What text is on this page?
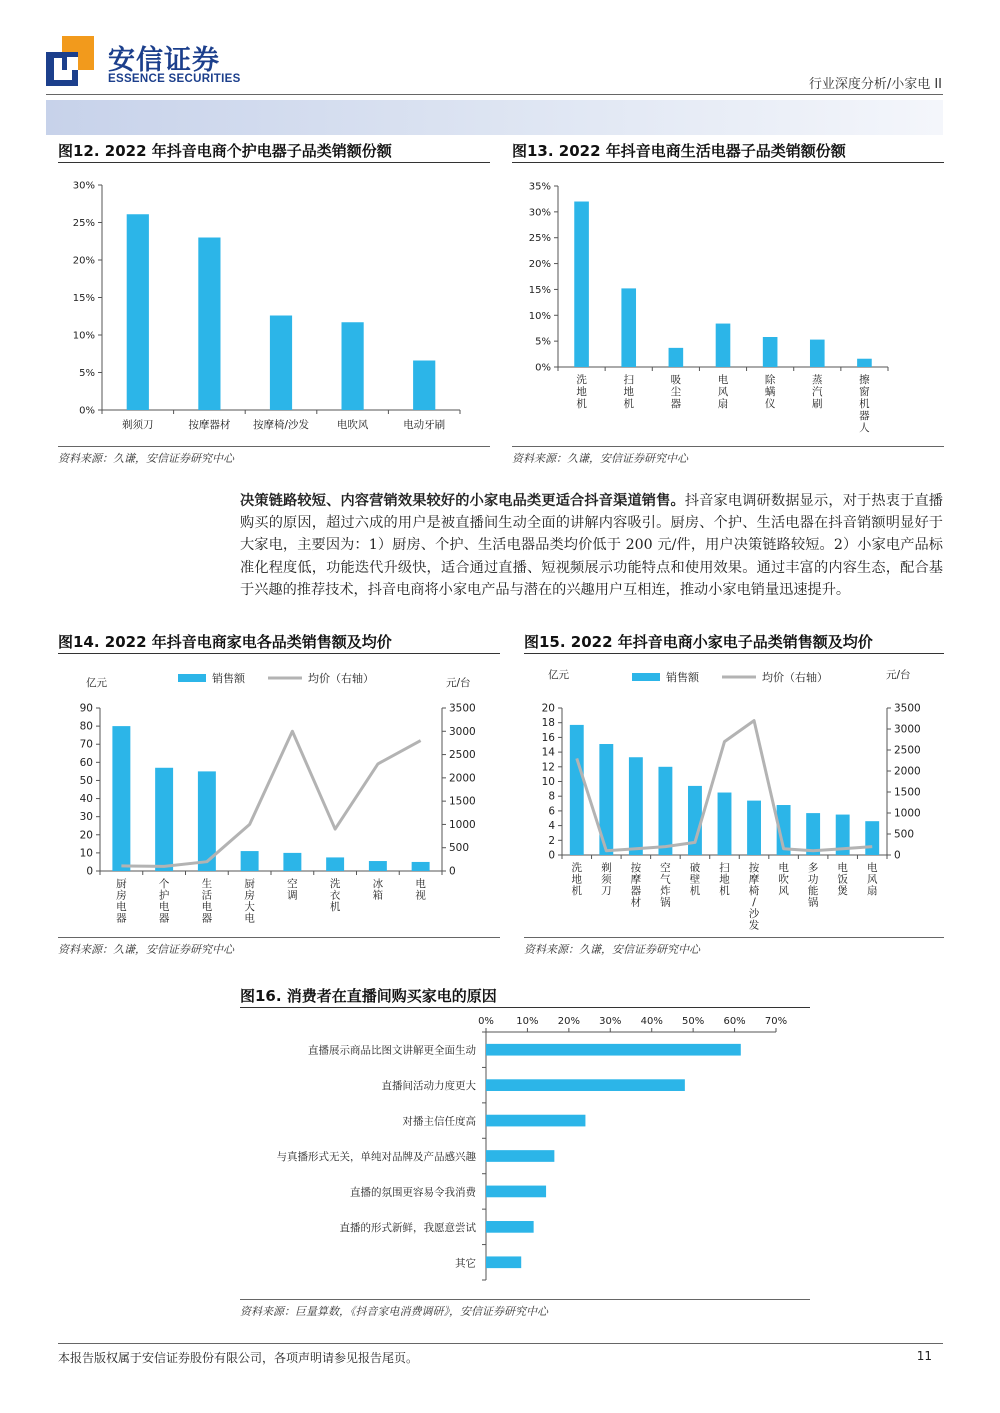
安信证券
ESSENCE SECURITIES	行业深度分析/小家电 II
图12. 2022 年抖音电商个护电器子品类销额份额
0%
5%
10%
15%
20%
25%
30%
剃须刀	按摩器材 按摩椅/沙发	电吹风	电动牙刷
资料来源：久谦，安信证券研究中心
图13. 2022 年抖音电商生活电器子品类销额份额
0%
5%
10%
15%
20%
25%
30%
35%
洗
地
机
扫
地
机
吸
尘
器
电
风
扇
除
螨
仪
蒸
汽
刷
擦
窗
机
器
人
资料来源：久谦，安信证券研究中心
决策链路较短、内容营销效果较好的小家电品类更适合抖音渠道销售。抖音家电调研数据显示，对于热衷于直播购买的原因，超过六成的用户是被直播间生动全面的讲解内容吸引。厨房、个护、生活电器在抖音销额明显好于大家电，主要因为：1）厨房、个护、生活电器品类均价低于 200 元/件，用户决策链路较短。2）小家电产品标准化程度低，功能迭代升级快，适合通过直播、短视频展示功能特点和使用效果。通过丰富的内容生态，配合基于兴趣的推荐技术，抖音电商将小家电产品与潜在的兴趣用户互相连，推动小家电销量迅速提升。
图14. 2022 年抖音电商家电各品类销售额及均价
亿元	元/台
0
10
20
30
40
50
60
70
80
90
0
500
1000
1500
2000
2500
3000
3500
销售额	均价（右轴）
厨
房
电
器
个
护
电
器
生
活
电
器
厨
房
大
电
空
调
洗
衣
机
冰
箱
电
视
资料来源：久谦，安信证券研究中心
图15. 2022 年抖音电商小家电子品类销售额及均价
亿元	元/台
0
2
4
6
8
10
12
14
16
18
20
0
500
1000
1500
2000
2500
3000
3500
销售额	均价（右轴）
洗
地
机
剃
须
刀
按
摩
器
材
空
气
炸
锅
破
壁
机
扫
地
机
按
摩
椅
/
沙
发
电
吹
风
多
功
能
锅
电
饭
煲
电
风
扇
资料来源：久谦，安信证券研究中心
图16. 消费者在直播间购买家电的原因
0% 10% 20% 30% 40% 50% 60% 70%
直播展示商品比图文讲解更全面生动
直播间活动力度更大
对播主信任度高
与真播形式无关，单纯对品牌及产品感兴趣
直播的氛围更容易令我消费
直播的形式新鲜，我愿意尝试
其它
资料来源：巨量算数，《抖音家电消费调研》，安信证券研究中心
本报告版权属于安信证券股份有限公司，各项声明请参见报告尾页。	11
